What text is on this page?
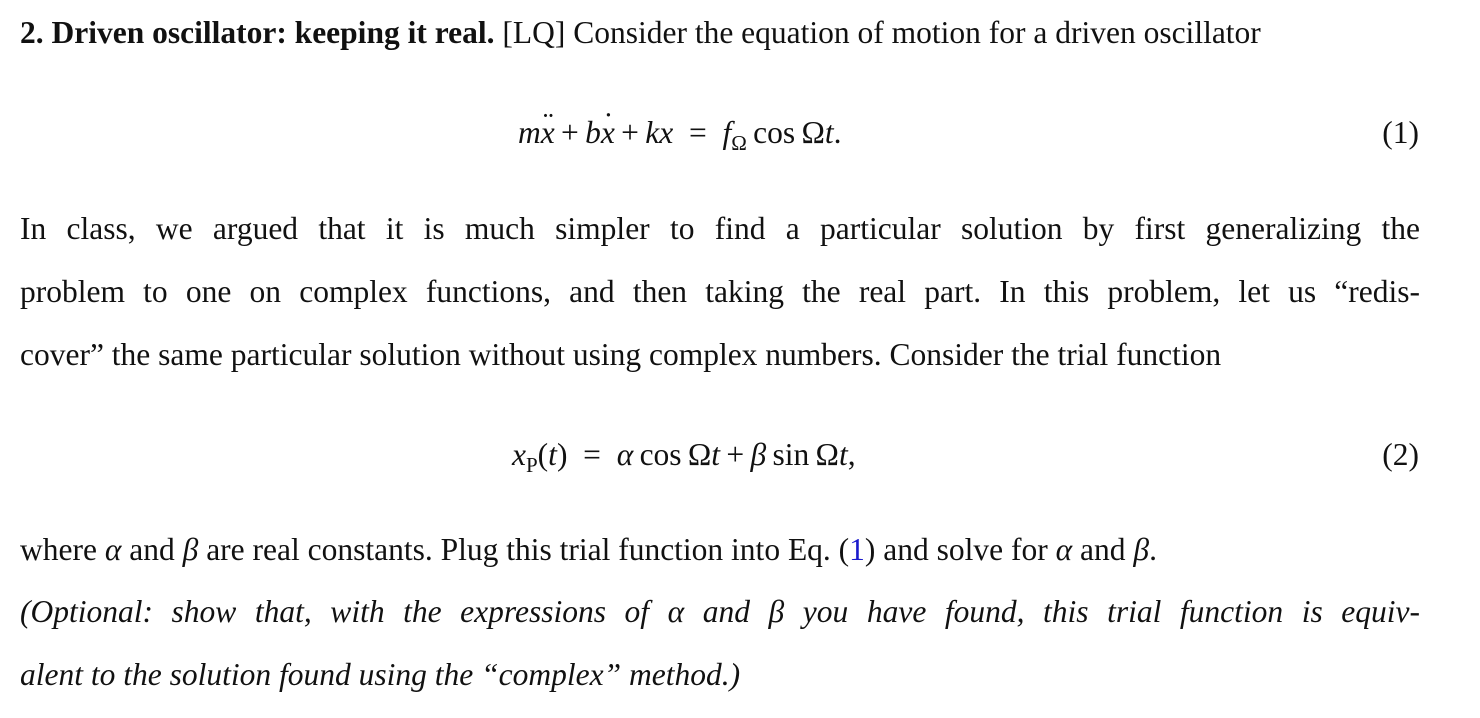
2. Driven oscillator: keeping it real. [LQ] Consider the equation of motion for a driven oscillator
m¨ x + b˙ x + kx = $f_\Omega$  cos  Ωt.	(1)
In class, we argued that it is much simpler to find a particular solution by first generalizing the
problem to one on complex functions, and then taking the real part. In this problem, let us “redis-
cover” the same particular solution without using complex numbers. Consider the trial function
$x_P(t)$ = α  cos  Ωt + β  sin  Ωt,	(2)
where α and β are real constants. Plug this trial function into Eq. (1) and solve for α and β.
(Optional: show that, with the expressions of α and β you have found, this trial function is equiv-
alent to the solution found using the “complex” method.)
